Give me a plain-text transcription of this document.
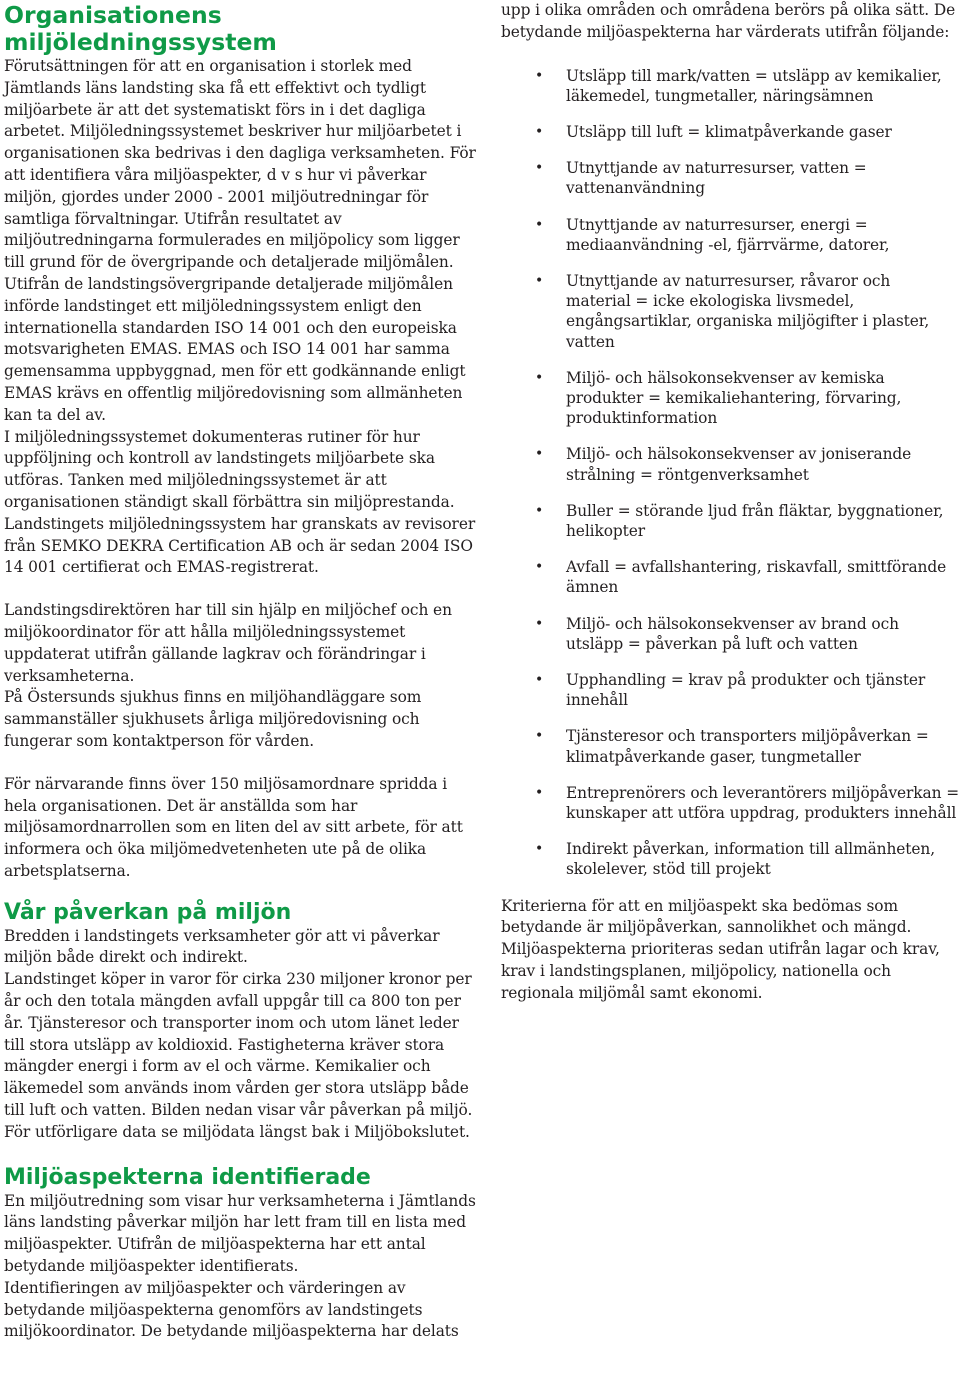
Organisationens miljöledningssystem

Förutsättningen för att en organisation i storlek med Jämtlands läns landsting ska få ett effektivt och tydligt miljöarbete är att det systematiskt förs in i det dagliga arbetet. Miljöledningssystemet beskriver hur miljöarbetet i organisationen ska bedrivas i den dagliga verksamheten. För att identifiera våra miljöaspekter, d v s hur vi påverkar miljön, gjordes under 2000 - 2001 miljöutredningar för samtliga förvaltningar. Utifrån resultatet av miljöutredningarna formulerades en miljöpolicy som ligger till grund för de övergripande och detaljerade miljömålen. Utifrån de landstingsövergripande detaljerade miljömålen införde landstinget ett miljöledningssystem enligt den internationella standarden ISO 14 001 och den europeiska motsvarigheten EMAS. EMAS och ISO 14 001 har samma gemensamma uppbyggnad, men för ett godkännande enligt EMAS krävs en offentlig miljöredovisning som allmänheten kan ta del av.

I miljöledningssystemet dokumenteras rutiner för hur uppföljning och kontroll av landstingets miljöarbete ska utföras. Tanken med miljöledningssystemet är att organisationen ständigt skall förbättra sin miljöprestanda.

Landstingets miljöledningssystem har granskats av revisorer från SEMKO DEKRA Certification AB och är sedan 2004 ISO 14 001 certifierat och EMAS-registrerat.

Landstingsdirektören har till sin hjälp en miljöchef och en miljökoordinator för att hålla miljöledningssystemet uppdaterat utifrån gällande lagkrav och förändringar i verksamheterna.

På Östersunds sjukhus finns en miljöhandläggare som sammanställer sjukhusets årliga miljöredovisning och fungerar som kontaktperson för vården.

För närvarande finns över 150 miljösamordnare spridda i hela organisationen. Det är anställda som har miljösamordnarrollen som en liten del av sitt arbete, för att informera och öka miljömedvetenheten ute på de olika arbetsplatserna.

Vår påverkan på miljön

Bredden i landstingets verksamheter gör att vi påverkar miljön både direkt och indirekt.

Landstinget köper in varor för cirka 230 miljoner kronor per år och den totala mängden avfall uppgår till ca 800 ton per år. Tjänsteresor och transporter inom och utom länet leder till stora utsläpp av koldioxid. Fastigheterna kräver stora mängder energi i form av el och värme. Kemikalier och läkemedel som används inom vården ger stora utsläpp både till luft och vatten. Bilden nedan visar vår påverkan på miljö. För utförligare data se miljödata längst bak i Miljöbokslutet.

Miljöaspekterna identifierade

En miljöutredning som visar hur verksamheterna i Jämtlands läns landsting påverkar miljön har lett fram till en lista med miljöaspekter. Utifrån de miljöaspekterna har ett antal betydande miljöaspekter identifierats.

Identifieringen av miljöaspekter och värderingen av betydande miljöaspekterna genomförs av landstingets miljökoordinator. De betydande miljöaspekterna har delats

upp i olika områden och områdena berörs på olika sätt. De betydande miljöaspekterna har värderats utifrån följande:

• Utsläpp till mark/vatten = utsläpp av kemikalier, läkemedel, tungmetaller, näringsämnen
• Utsläpp till luft = klimatpåverkande gaser
• Utnyttjande av naturresurser, vatten = vattenanvändning
• Utnyttjande av naturresurser, energi = mediaanvändning -el, fjärrvärme, datorer,
• Utnyttjande av naturresurser, råvaror och material = icke ekologiska livsmedel, engångsartiklar, organiska miljögifter i plaster, vatten
• Miljö- och hälsokonsekvenser av kemiska produkter = kemikaliehantering, förvaring, produktinformation
• Miljö- och hälsokonsekvenser av joniserande strålning = röntgenverksamhet
• Buller = störande ljud från fläktar, byggnationer, helikopter
• Avfall = avfallshantering, riskavfall, smittförande ämnen
• Miljö- och hälsokonsekvenser av brand och utsläpp = påverkan på luft och vatten
• Upphandling = krav på produkter och tjänster innehåll
• Tjänsteresor och transporters miljöpåverkan = klimatpåverkande gaser, tungmetaller
• Entreprenörers och leverantörers miljöpåverkan = kunskaper att utföra uppdrag, produkters innehåll
• Indirekt påverkan, information till allmänheten, skolelever, stöd till projekt

Kriterierna för att en miljöaspekt ska bedömas som betydande är miljöpåverkan, sannolikhet och mängd.

Miljöaspekterna prioriteras sedan utifrån lagar och krav, krav i landstingsplanen, miljöpolicy, nationella och regionala miljömål samt ekonomi.
